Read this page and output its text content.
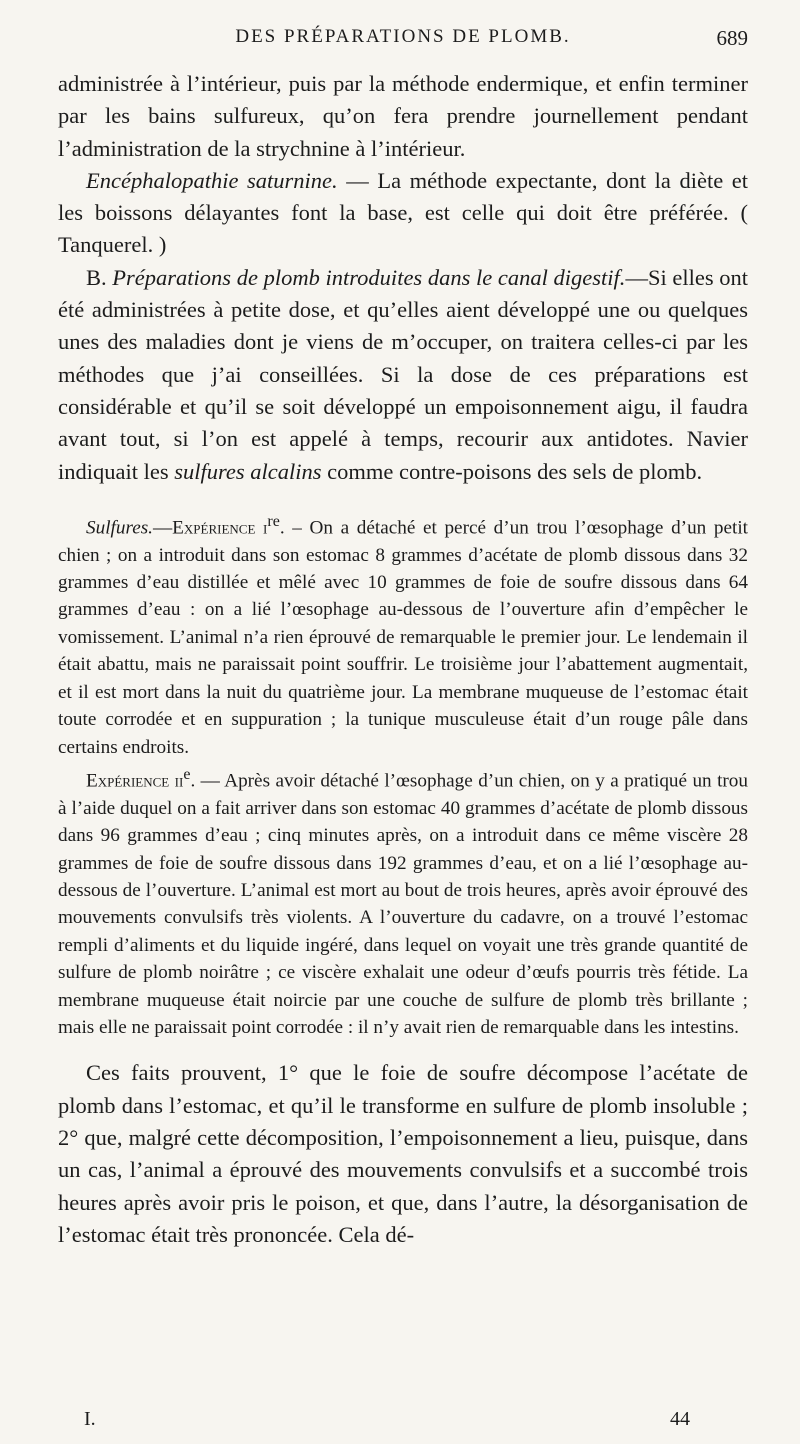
DES PRÉPARATIONS DE PLOMB.	689

administrée à l’intérieur, puis par la méthode endermique, et enfin terminer par les bains sulfureux, qu’on fera prendre journellement pendant l’administration de la strychnine à l’intérieur.

Encéphalopathie saturnine. — La méthode expectante, dont la diète et les boissons délayantes font la base, est celle qui doit être préférée. ( Tanquerel. )

B. Préparations de plomb introduites dans le canal digestif.—Si elles ont été administrées à petite dose, et qu’elles aient développé une ou quelques unes des maladies dont je viens de m’occuper, on traitera celles-ci par les méthodes que j’ai conseillées. Si la dose de ces préparations est considérable et qu’il se soit développé un empoisonnement aigu, il faudra avant tout, si l’on est appelé à temps, recourir aux antidotes. Navier indiquait les sulfures alcalins comme contre-poisons des sels de plomb.

Sulfures.—Expérience $i^{re}$. – On a détaché et percé d’un trou l’œsophage d’un petit chien ; on a introduit dans son estomac 8 grammes d’acétate de plomb dissous dans 32 grammes d’eau distillée et mêlé avec 10 grammes de foie de soufre dissous dans 64 grammes d’eau : on a lié l’œsophage au-dessous de l’ouverture afin d’empêcher le vomissement. L’animal n’a rien éprouvé de remarquable le premier jour. Le lendemain il était abattu, mais ne paraissait point souffrir. Le troisième jour l’abattement augmentait, et il est mort dans la nuit du quatrième jour. La membrane muqueuse de l’estomac était toute corrodée et en suppuration ; la tunique musculeuse était d’un rouge pâle dans certains endroits.

Expérience $ii^e$. — Après avoir détaché l’œsophage d’un chien, on y a pratiqué un trou à l’aide duquel on a fait arriver dans son estomac 40 grammes d’acétate de plomb dissous dans 96 grammes d’eau ; cinq minutes après, on a introduit dans ce même viscère 28 grammes de foie de soufre dissous dans 192 grammes d’eau, et on a lié l’œsophage au-dessous de l’ouverture. L’animal est mort au bout de trois heures, après avoir éprouvé des mouvements convulsifs très violents. A l’ouverture du cadavre, on a trouvé l’estomac rempli d’aliments et du liquide ingéré, dans lequel on voyait une très grande quantité de sulfure de plomb noirâtre ; ce viscère exhalait une odeur d’œufs pourris très fétide. La membrane muqueuse était noircie par une couche de sulfure de plomb très brillante ; mais elle ne paraissait point corrodée : il n’y avait rien de remarquable dans les intestins.

Ces faits prouvent, 1° que le foie de soufre décompose l’acétate de plomb dans l’estomac, et qu’il le transforme en sulfure de plomb insoluble ; 2° que, malgré cette décomposition, l’empoisonnement a lieu, puisque, dans un cas, l’animal a éprouvé des mouvements convulsifs et a succombé trois heures après avoir pris le poison, et que, dans l’autre, la désorganisation de l’estomac était très prononcée. Cela dé-

I.	44
